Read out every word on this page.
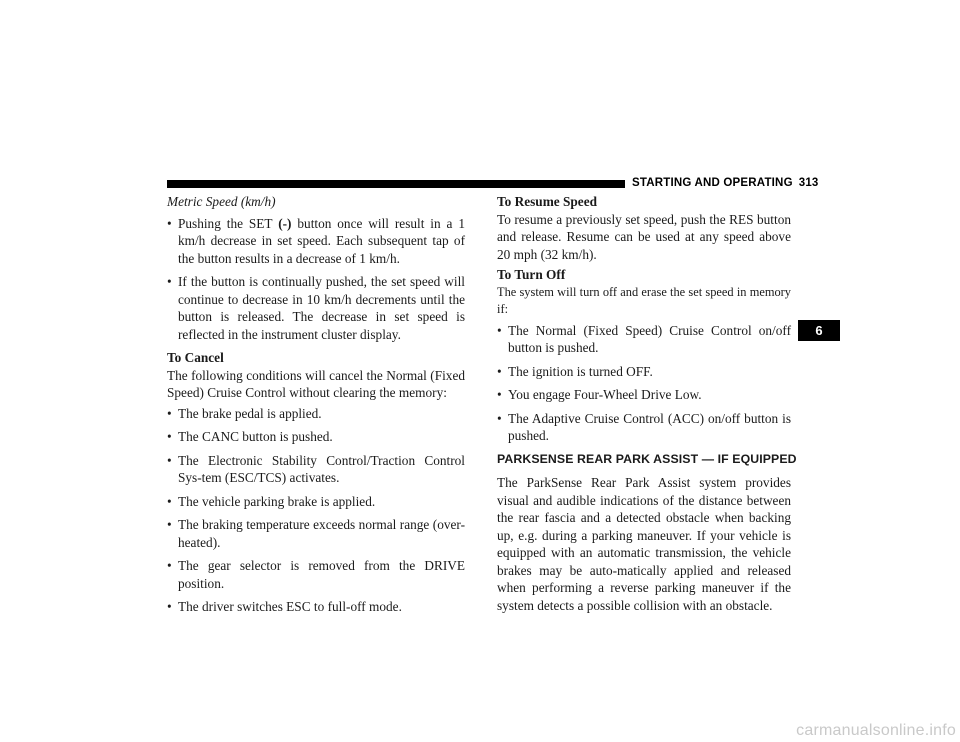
STARTING AND OPERATING 313
6

Metric Speed (km/h)

• Pushing the SET (-) button once will result in a 1 km/h decrease in set speed. Each subsequent tap of the button results in a decrease of 1 km/h.
• If the button is continually pushed, the set speed will continue to decrease in 10 km/h decrements until the button is released. The decrease in set speed is reflected in the instrument cluster display.

To Cancel

The following conditions will cancel the Normal (Fixed Speed) Cruise Control without clearing the memory:

• The brake pedal is applied.
• The CANC button is pushed.
• The Electronic Stability Control/Traction Control Sys-tem (ESC/TCS) activates.
• The vehicle parking brake is applied.
• The braking temperature exceeds normal range (over-heated).
• The gear selector is removed from the DRIVE position.
• The driver switches ESC to full-off mode.

To Resume Speed

To resume a previously set speed, push the RES button and release. Resume can be used at any speed above 20 mph (32 km/h).

To Turn Off

The system will turn off and erase the set speed in memory if:

• The Normal (Fixed Speed) Cruise Control on/off button is pushed.
• The ignition is turned OFF.
• You engage Four-Wheel Drive Low.
• The Adaptive Cruise Control (ACC) on/off button is pushed.

PARKSENSE REAR PARK ASSIST — IF EQUIPPED

The ParkSense Rear Park Assist system provides visual and audible indications of the distance between the rear fascia and a detected obstacle when backing up, e.g. during a parking maneuver. If your vehicle is equipped with an automatic transmission, the vehicle brakes may be auto-matically applied and released when performing a reverse parking maneuver if the system detects a possible collision with an obstacle.

carmanualsonline.info
